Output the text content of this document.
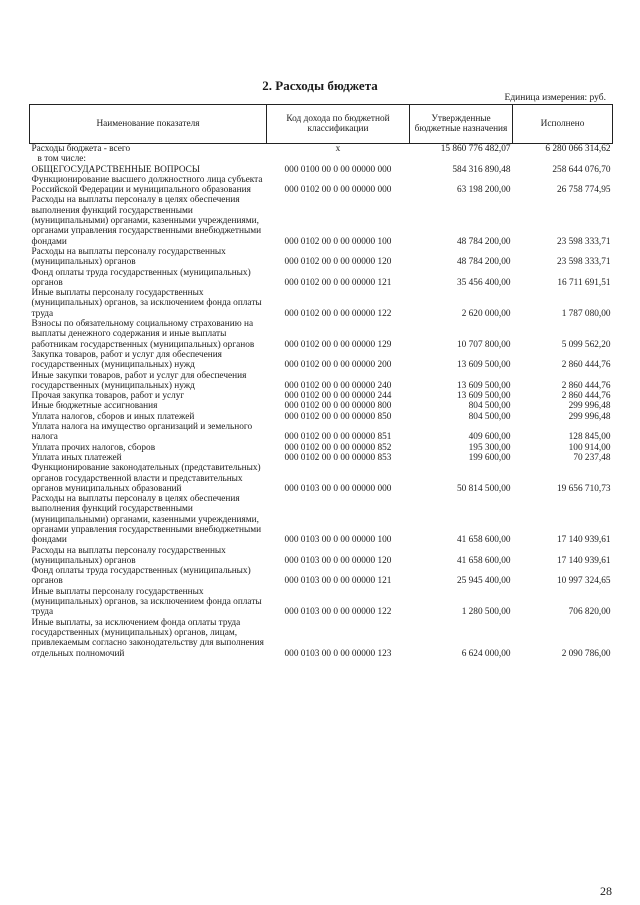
2. Расходы бюджета
Единица измерения: руб.
Наименование показателя	Код дохода по бюджетной классификации	Утвержденные бюджетные назначения	Исполнено
Расходы бюджета - всего	x	15 860 776 482,07	6 280 066 314,62
в том числе:			
ОБЩЕГОСУДАРСТВЕННЫЕ ВОПРОСЫ	000 0100 00 0 00 00000 000	584 316 890,48	258 644 076,70
Функционирование высшего должностного лица субъекта Российской Федерации и муниципального образования	000 0102 00 0 00 00000 000	63 198 200,00	26 758 774,95
Расходы на выплаты персоналу в целях обеспечения выполнения функций государственными (муниципальными) органами, казенными учреждениями, органами управления государственными внебюджетными фондами	000 0102 00 0 00 00000 100	48 784 200,00	23 598 333,71
Расходы на выплаты персоналу государственных (муниципальных) органов	000 0102 00 0 00 00000 120	48 784 200,00	23 598 333,71
Фонд оплаты труда государственных (муниципальных) органов	000 0102 00 0 00 00000 121	35 456 400,00	16 711 691,51
Иные выплаты персоналу государственных (муниципальных) органов, за исключением фонда оплаты труда	000 0102 00 0 00 00000 122	2 620 000,00	1 787 080,00
Взносы по обязательному социальному страхованию на выплаты денежного содержания и иные выплаты работникам государственных (муниципальных) органов	000 0102 00 0 00 00000 129	10 707 800,00	5 099 562,20
Закупка товаров, работ и услуг для обеспечения государственных (муниципальных) нужд	000 0102 00 0 00 00000 200	13 609 500,00	2 860 444,76
Иные закупки товаров, работ и услуг для обеспечения государственных (муниципальных) нужд	000 0102 00 0 00 00000 240	13 609 500,00	2 860 444,76
Прочая закупка товаров, работ и услуг	000 0102 00 0 00 00000 244	13 609 500,00	2 860 444,76
Иные бюджетные ассигнования	000 0102 00 0 00 00000 800	804 500,00	299 996,48
Уплата налогов, сборов и иных платежей	000 0102 00 0 00 00000 850	804 500,00	299 996,48
Уплата налога на имущество организаций и земельного налога	000 0102 00 0 00 00000 851	409 600,00	128 845,00
Уплата прочих налогов, сборов	000 0102 00 0 00 00000 852	195 300,00	100 914,00
Уплата иных платежей	000 0102 00 0 00 00000 853	199 600,00	70 237,48
Функционирование законодательных (представительных) органов государственной власти и представительных органов муниципальных образований	000 0103 00 0 00 00000 000	50 814 500,00	19 656 710,73
Расходы на выплаты персоналу в целях обеспечения выполнения функций государственными (муниципальными) органами, казенными учреждениями, органами управления государственными внебюджетными фондами	000 0103 00 0 00 00000 100	41 658 600,00	17 140 939,61
Расходы на выплаты персоналу государственных (муниципальных) органов	000 0103 00 0 00 00000 120	41 658 600,00	17 140 939,61
Фонд оплаты труда государственных (муниципальных) органов	000 0103 00 0 00 00000 121	25 945 400,00	10 997 324,65
Иные выплаты персоналу государственных (муниципальных) органов, за исключением фонда оплаты труда	000 0103 00 0 00 00000 122	1 280 500,00	706 820,00
Иные выплаты, за исключением фонда оплаты труда государственных (муниципальных) органов, лицам, привлекаемым согласно законодательству для выполнения отдельных полномочий	000 0103 00 0 00 00000 123	6 624 000,00	2 090 786,00
28
